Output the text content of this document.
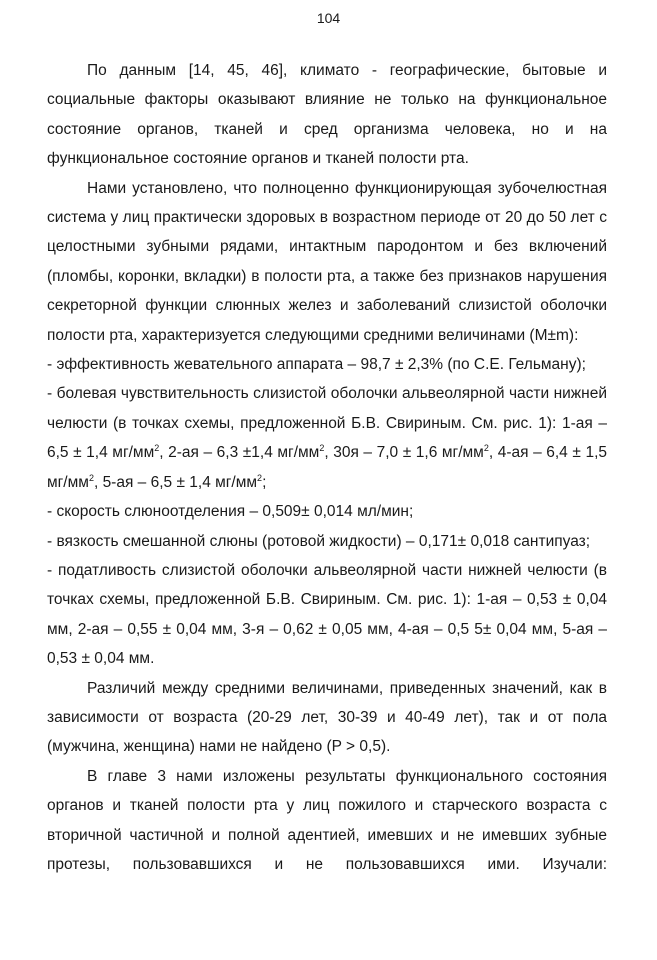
104

По данным [14, 45, 46], климато - географические, бытовые и социальные факторы оказывают влияние не только на функциональное состояние органов, тканей и сред организма человека, но и на функциональное состояние органов и тканей полости рта.

Нами установлено, что полноценно функционирующая зубочелюстная система у лиц практически здоровых в возрастном периоде от 20 до 50 лет с целостными зубными рядами, интактным пародонтом и без включений (пломбы, коронки, вкладки) в полости рта, а также без признаков нарушения секреторной функции слюнных желез и заболеваний слизистой оболочки полости рта, характеризуется следующими средними величинами (M±m):

- эффективность жевательного аппарата – 98,7 ± 2,3% (по С.Е. Гельману);

- болевая чувствительность слизистой оболочки альвеолярной части нижней челюсти (в точках схемы, предложенной Б.В. Свириным. См. рис. 1): 1-ая – 6,5 ± 1,4 $мг/мм^2$, 2-ая – 6,3 ±1,4 $мг/мм^2$, 30я – 7,0 ± 1,6 $мг/мм^2$, 4-ая – 6,4 ± 1,5 $мг/мм^2$, 5-ая – 6,5 ± 1,4 $мг/мм^2$;

- скорость слюноотделения – 0,509± 0,014 мл/мин;

- вязкость смешанной слюны (ротовой жидкости) – 0,171± 0,018 сантипуаз;

- податливость слизистой оболочки альвеолярной части нижней челюсти (в точках схемы, предложенной Б.В. Свириным. См. рис. 1): 1-ая – 0,53 ± 0,04 мм, 2-ая – 0,55 ± 0,04 мм, 3-я – 0,62 ± 0,05 мм, 4-ая – 0,5 5± 0,04 мм, 5-ая – 0,53 ± 0,04 мм.

Различий между средними величинами, приведенных значений, как в зависимости от возраста (20-29 лет, 30-39 и 40-49 лет), так и от пола (мужчина, женщина) нами не найдено (P > 0,5).

В главе 3 нами изложены результаты функционального состояния органов и тканей полости рта у лиц пожилого и старческого возраста с вторичной частичной и полной адентией, имевших и не имевших зубные протезы, пользовавшихся и не пользовавшихся ими. Изучали:
